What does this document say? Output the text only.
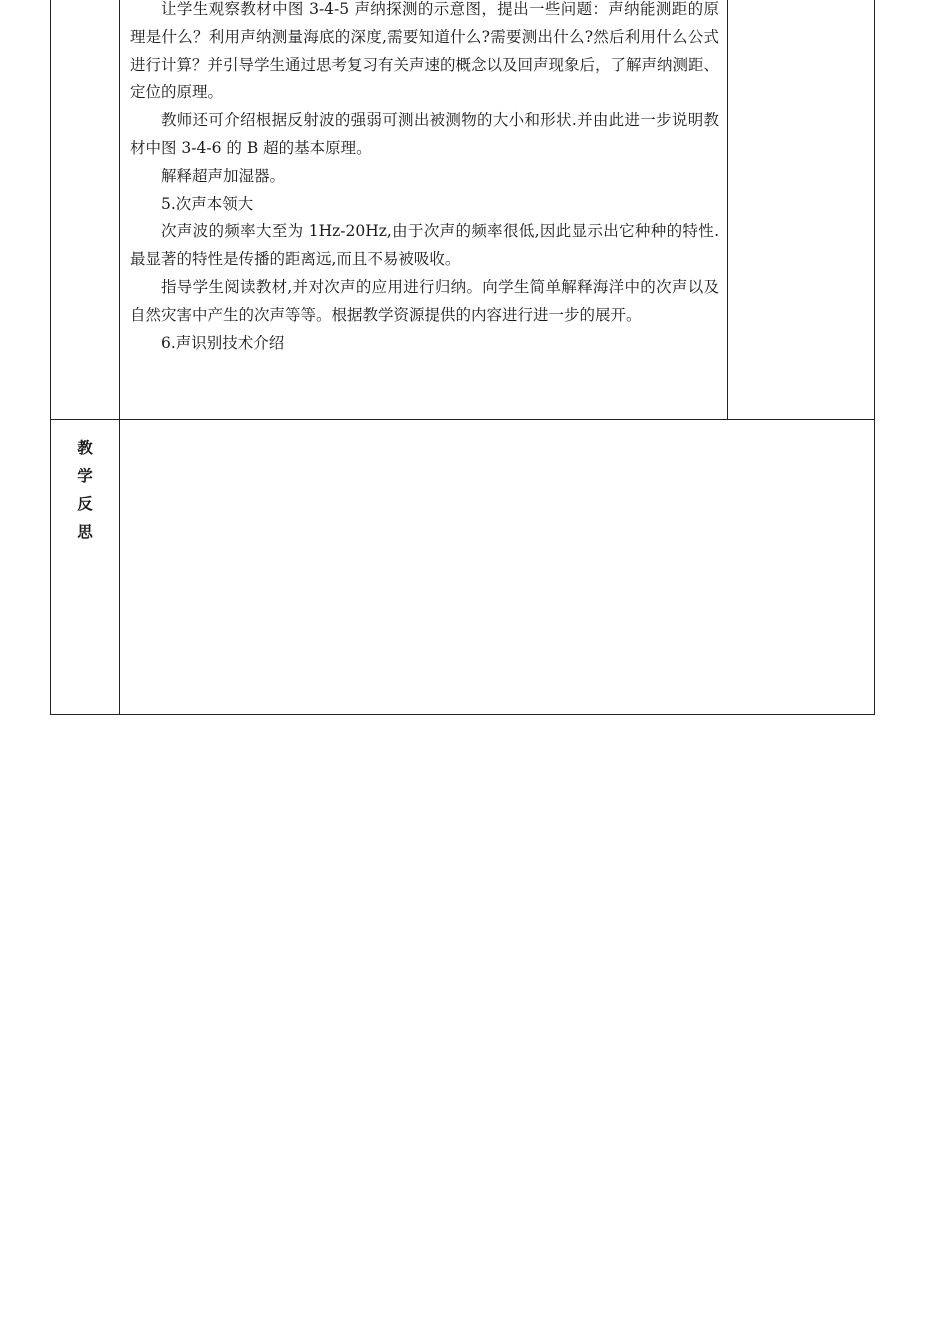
让学生观察教材中图 3-4-5 声纳探测的示意图，提出一些问题：声纳能测距的原理是什么？利用声纳测量海底的深度,需要知道什么?需要测出什么?然后利用什么公式进行计算？并引导学生通过思考复习有关声速的概念以及回声现象后，了解声纳测距、定位的原理。

教师还可介绍根据反射波的强弱可测出被测物的大小和形状.并由此进一步说明教材中图 3-4-6 的 B 超的基本原理。

解释超声加湿器。

5.次声本领大

次声波的频率大至为 1Hz-20Hz,由于次声的频率很低,因此显示出它种种的特性.最显著的特性是传播的距离远,而且不易被吸收。

指导学生阅读教材,并对次声的应用进行归纳。向学生简单解释海洋中的次声以及自然灾害中产生的次声等等。根据教学资源提供的内容进行进一步的展开。

6.声识别技术介绍

教
学
反
思
